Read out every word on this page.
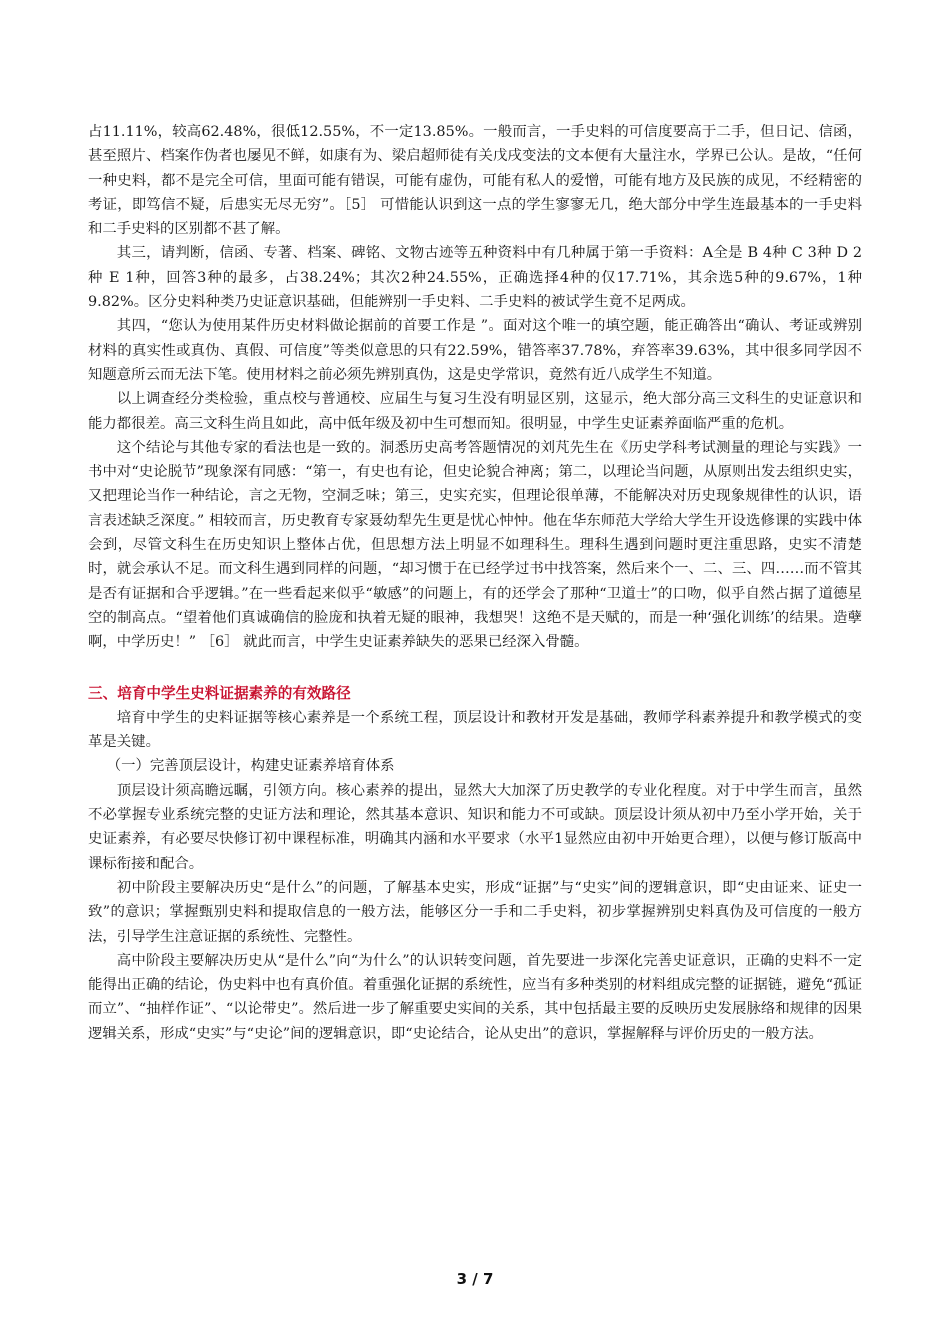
占11.11%，较高62.48%，很低12.55%，不一定13.85%。一般而言，一手史料的可信度要高于二手，但日记、信函，甚至照片、档案作伪者也屡见不鲜，如康有为、梁启超师徒有关戊戌变法的文本便有大量注水，学界已公认。是故，“任何一种史料，都不是完全可信，里面可能有错误，可能有虚伪，可能有私人的爱憎，可能有地方及民族的成见，不经精密的考证，即笃信不疑，后患实无尽无穷”。［5］ 可惜能认识到这一点的学生寥寥无几，绝大部分中学生连最基本的一手史料和二手史料的区别都不甚了解。

其三，请判断，信函、专著、档案、碑铭、文物古迹等五种资料中有几种属于第一手资料：A全是 B 4种 C 3种 D 2种 E 1种，回答3种的最多，占38.24%；其次2种24.55%，正确选择4种的仅17.71%，其余选5种的9.67%，1种9.82%。区分史料种类乃史证意识基础，但能辨别一手史料、二手史料的被试学生竟不足两成。

其四，“您认为使用某件历史材料做论据前的首要工作是 ”。面对这个唯一的填空题，能正确答出“确认、考证或辨别材料的真实性或真伪、真假、可信度”等类似意思的只有22.59%，错答率37.78%，弃答率39.63%，其中很多同学因不知题意所云而无法下笔。使用材料之前必须先辨别真伪，这是史学常识，竟然有近八成学生不知道。

以上调查经分类检验，重点校与普通校、应届生与复习生没有明显区别，这显示，绝大部分高三文科生的史证意识和能力都很差。高三文科生尚且如此，高中低年级及初中生可想而知。很明显，中学生史证素养面临严重的危机。

这个结论与其他专家的看法也是一致的。洞悉历史高考答题情况的刘芃先生在《历史学科考试测量的理论与实践》一书中对“史论脱节”现象深有同感：“第一，有史也有论，但史论貌合神离；第二，以理论当问题，从原则出发去组织史实，又把理论当作一种结论，言之无物，空洞乏味；第三，史实充实，但理论很单薄，不能解决对历史现象规律性的认识，语言表述缺乏深度。” 相较而言，历史教育专家聂幼犁先生更是忧心忡忡。他在华东师范大学给大学生开设选修课的实践中体会到，尽管文科生在历史知识上整体占优，但思想方法上明显不如理科生。理科生遇到问题时更注重思路，史实不清楚时，就会承认不足。而文科生遇到同样的问题，“却习惯于在已经学过书中找答案，然后来个一、二、三、四……而不管其是否有证据和合乎逻辑。”在一些看起来似乎“敏感”的问题上，有的还学会了那种“卫道士”的口吻，似乎自然占据了道德星空的制高点。“望着他们真诚确信的脸庞和执着无疑的眼神，我想哭！这绝不是天赋的，而是一种‘强化训练’的结果。造孽啊，中学历史！” ［6］ 就此而言，中学生史证素养缺失的恶果已经深入骨髓。

三、培育中学生史料证据素养的有效路径

培育中学生的史料证据等核心素养是一个系统工程，顶层设计和教材开发是基础，教师学科素养提升和教学模式的变革是关键。

（一）完善顶层设计，构建史证素养培育体系

顶层设计须高瞻远瞩，引领方向。核心素养的提出，显然大大加深了历史教学的专业化程度。对于中学生而言，虽然不必掌握专业系统完整的史证方法和理论，然其基本意识、知识和能力不可或缺。顶层设计须从初中乃至小学开始，关于史证素养，有必要尽快修订初中课程标准，明确其内涵和水平要求（水平1显然应由初中开始更合理），以便与修订版高中课标衔接和配合。

初中阶段主要解决历史“是什么”的问题，了解基本史实，形成“证据”与“史实”间的逻辑意识，即“史由证来、证史一致”的意识；掌握甄别史料和提取信息的一般方法，能够区分一手和二手史料，初步掌握辨别史料真伪及可信度的一般方法，引导学生注意证据的系统性、完整性。

高中阶段主要解决历史从“是什么”向“为什么”的认识转变问题，首先要进一步深化完善史证意识，正确的史料不一定能得出正确的结论，伪史料中也有真价值。着重强化证据的系统性，应当有多种类别的材料组成完整的证据链，避免“孤证而立”、“抽样作证”、“以论带史”。然后进一步了解重要史实间的关系，其中包括最主要的反映历史发展脉络和规律的因果逻辑关系，形成“史实”与“史论”间的逻辑意识，即“史论结合，论从史出”的意识，掌握解释与评价历史的一般方法。

3 / 7
